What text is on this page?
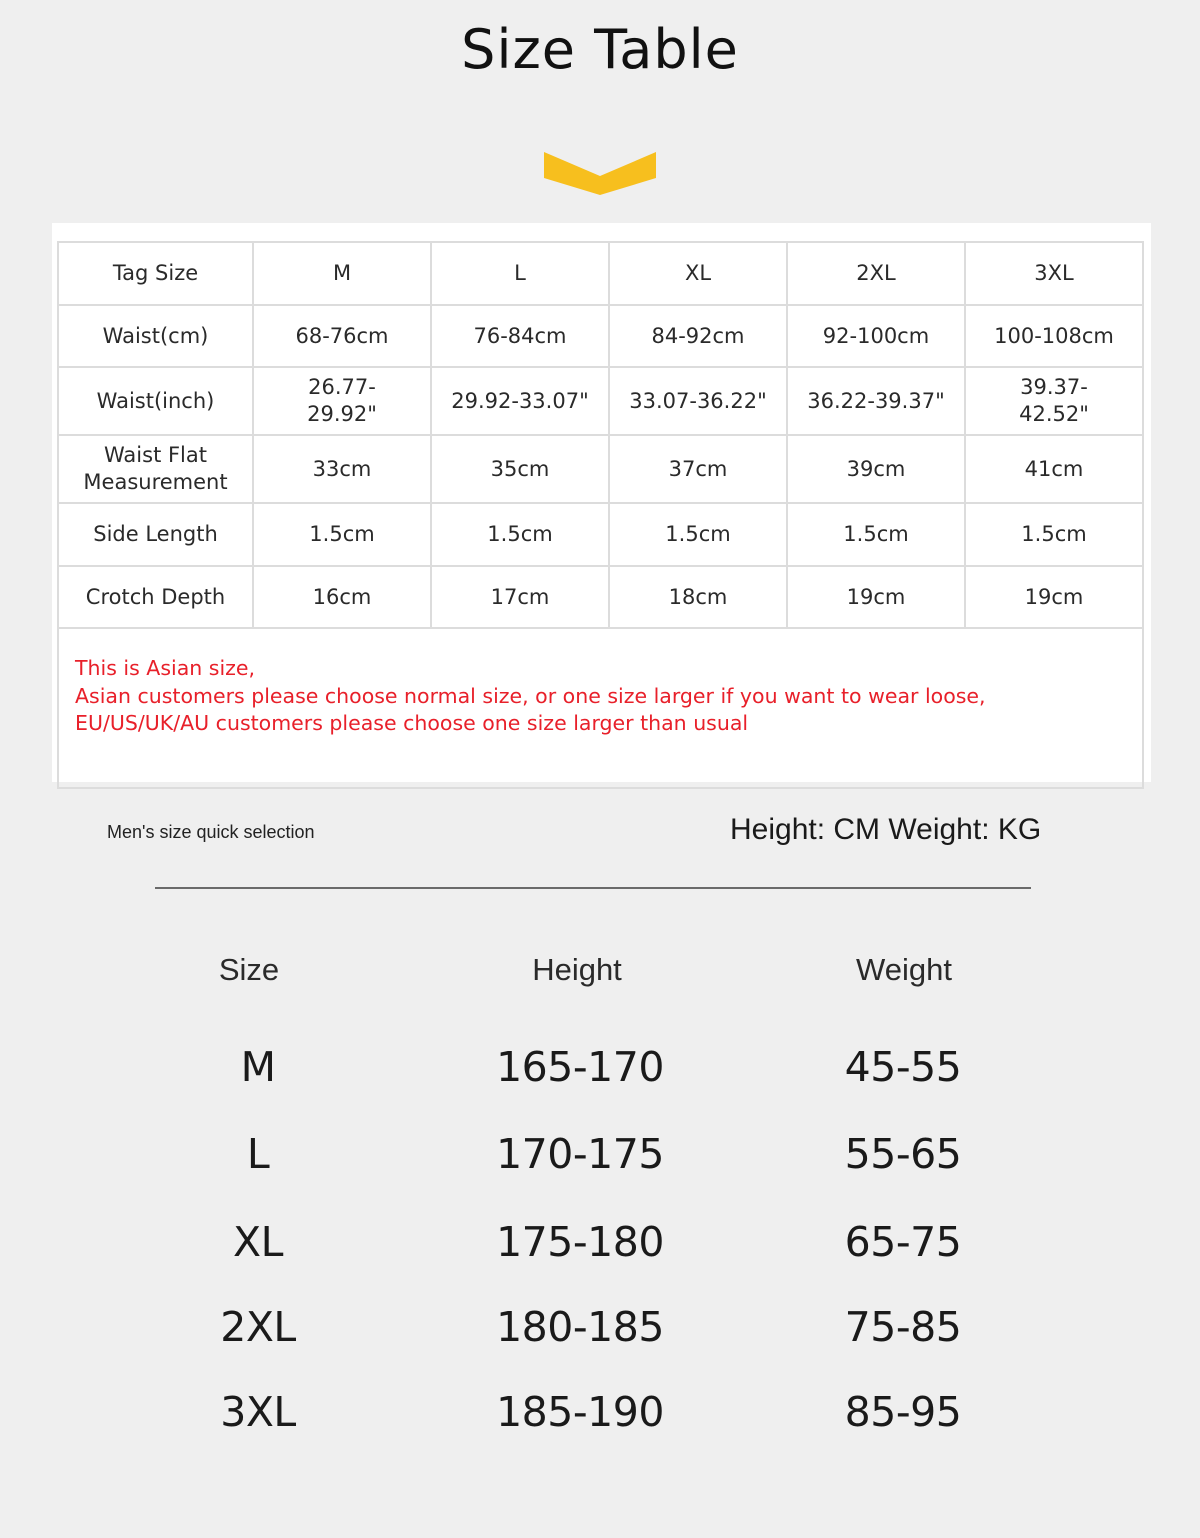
Size Table
Tag Size	M	L	XL	2XL	3XL
Waist(cm)	68-76cm	76-84cm	84-92cm	92-100cm	100-108cm
Waist(inch)	26.77-29.92"	29.92-33.07"	33.07-36.22"	36.22-39.37"	39.37-42.52"
Waist Flat Measurement	33cm	35cm	37cm	39cm	41cm
Side Length	1.5cm	1.5cm	1.5cm	1.5cm	1.5cm
Crotch Depth	16cm	17cm	18cm	19cm	19cm

This is Asian size,
Asian customers please choose normal size, or one size larger if you want to wear loose,
EU/US/UK/AU customers please choose one size larger than usual					
Men's size quick selection	Height: CM Weight: KG
Size	Height	Weight
M	165-170	45-55
L	170-175	55-65
XL	175-180	65-75
2XL	180-185	75-85
3XL	185-190	85-95
